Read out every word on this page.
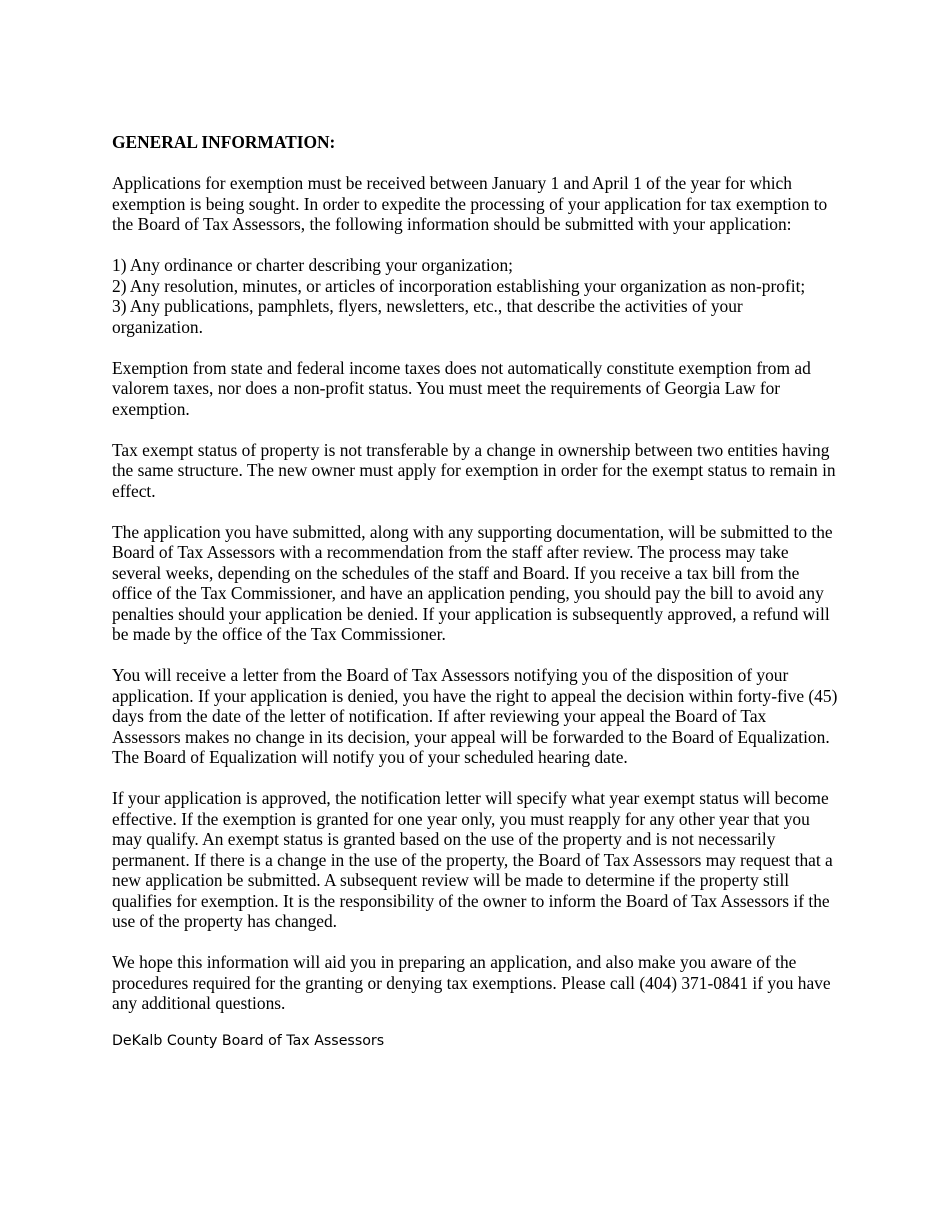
GENERAL INFORMATION:
Applications for exemption must be received between January 1 and April 1 of the year for which exemption is being sought. In order to expedite the processing of your application for tax exemption to the Board of Tax Assessors, the following information should be submitted with your application:
1) Any ordinance or charter describing your organization;
2) Any resolution, minutes, or articles of incorporation establishing your organization as non-profit;
3) Any publications, pamphlets, flyers, newsletters, etc., that describe the activities of your organization.
Exemption from state and federal income taxes does not automatically constitute exemption from ad valorem taxes, nor does a non-profit status. You must meet the requirements of Georgia Law for exemption.
Tax exempt status of property is not transferable by a change in ownership between two entities having the same structure. The new owner must apply for exemption in order for the exempt status to remain in effect.
The application you have submitted, along with any supporting documentation, will be submitted to the Board of Tax Assessors with a recommendation from the staff after review. The process may take several weeks, depending on the schedules of the staff and Board. If you receive a tax bill from the office of the Tax Commissioner, and have an application pending, you should pay the bill to avoid any penalties should your application be denied. If your application is subsequently approved, a refund will be made by the office of the Tax Commissioner.
You will receive a letter from the Board of Tax Assessors notifying you of the disposition of your application. If your application is denied, you have the right to appeal the decision within forty-five (45) days from the date of the letter of notification. If after reviewing your appeal the Board of Tax Assessors makes no change in its decision, your appeal will be forwarded to the Board of Equalization. The Board of Equalization will notify you of your scheduled hearing date.
If your application is approved, the notification letter will specify what year exempt status will become effective. If the exemption is granted for one year only, you must reapply for any other year that you may qualify. An exempt status is granted based on the use of the property and is not necessarily permanent. If there is a change in the use of the property, the Board of Tax Assessors may request that a new application be submitted. A subsequent review will be made to determine if the property still qualifies for exemption. It is the responsibility of the owner to inform the Board of Tax Assessors if the use of the property has changed.
We hope this information will aid you in preparing an application, and also make you aware of the procedures required for the granting or denying tax exemptions. Please call (404) 371-0841 if you have any additional questions.
DeKalb County Board of Tax Assessors
